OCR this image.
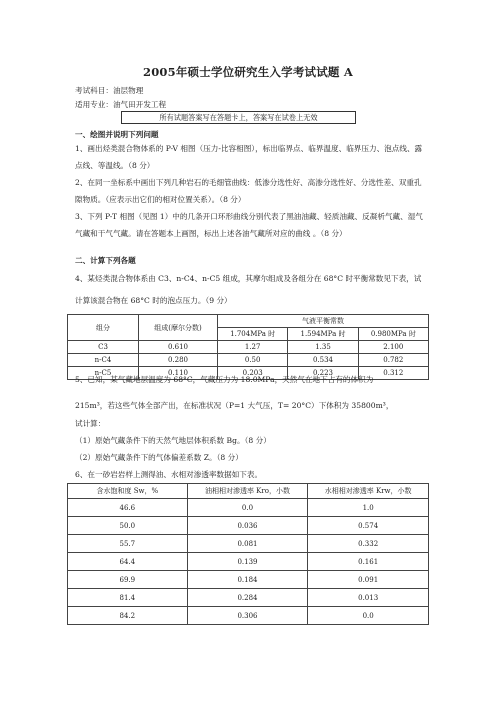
2005年硕士学位研究生入学考试试题 A
考试科目：油层物理
适用专业：油气田开发工程
所有试题答案写在答题卡上，答案写在试卷上无效
一、绘图并说明下列问题
1、画出烃类混合物体系的 P-V 相图（压力-比容相图），标出临界点、临界温度、临界压力、泡点线、露点线、等温线。（8 分）
2、在同一坐标系中画出下列几种岩石的毛细管曲线：低渗分选性好、高渗分选性好、分选性差、双重孔隙物质。（应表示出它们的相对位置关系）。（8 分）
3、下列 P-T 相图（见图 1）中的几条开口环形曲线分别代表了黑油油藏、轻质油藏、反凝析气藏、湿气气藏和干气气藏。请在答题本上画图，标出上述各油气藏所对应的曲线 。（8 分）
二、计算下列各题
4、某烃类混合物体系由 C3、n-C4、n-C5 组成，其摩尔组成及各组分在 68°C 时平衡常数见下表，试计算该混合物在 68°C 时的泡点压力。（9 分）
组分	组成(摩尔分数)	气液平衡常数		
		1.704MPa 时	1.594MPa 时	0.980MPa 时
C3	0.610	1.27	1.35	2.100
n-C4	0.280	0.50	0.534	0.782
n-C5	0.110	0.203	0.223	0.312
5、已知，某气藏地层温度为 68°C，气藏压力为 18.0MPa，天然气在地下占有的体积为
215m³，若这些气体全部产出，在标准状况（P=1 大气压，T= 20°C）下体积为 35800m³，
试计算：
（1）原始气藏条件下的天然气地层体积系数 Bg。（8 分）
（2）原始气藏条件下的气体偏差系数 Z。（8 分）
6、在一砂岩岩样上测得油、水相对渗透率数据如下表。
含水饱和度 Sw，%	油相相对渗透率 Kro，小数	水相相对渗透率 Krw，小数
46.6	0.0	1.0
50.0	0.036	0.574
55.7	0.081	0.332
64.4	0.139	0.161
69.9	0.184	0.091
81.4	0.284	0.013
84.2	0.306	0.0
